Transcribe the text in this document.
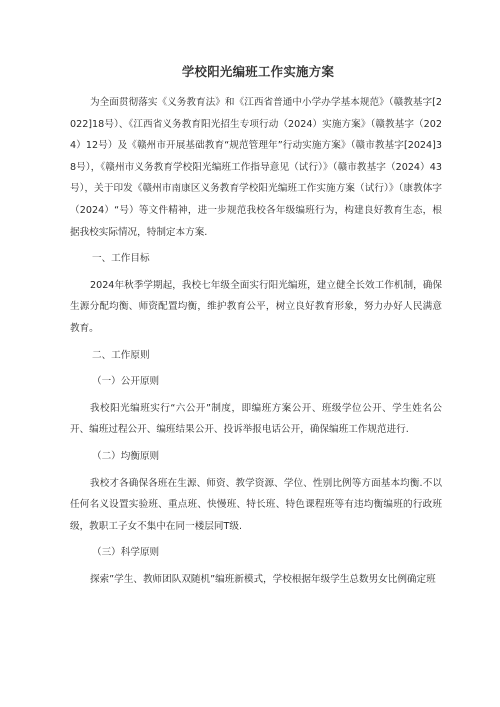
学校阳光编班工作实施方案

为全面贯彻落实《义务教育法》和《江西省普通中小学办学基本规范》（赣教基字[2022]18号）、《江西省义务教育阳光招生专项行动（2024）实施方案》（赣教基字（2024）12号）及《赣州市开展基础教育“规范管理年”行动实施方案》（赣市教基字[2024]38号），《赣州市义务教育学校阳光编班工作指导意见（试行）》（赣市教基字（2024）43号），关于印发《赣州市南康区义务教育学校阳光编班工作实施方案（试行）》（康教体字（2024）“号）等文件精神，进一步规范我校各年级编班行为，构建良好教育生态，根据我校实际情况，特制定本方案.

一、工作目标

2024年秋季学期起，我校七年级全面实行阳光编班，建立健全长效工作机制，确保生源分配均衡、师资配置均衡，维护教育公平，树立良好教育形象，努力办好人民满意教育。

二、工作原则
（一）公开原则

我校阳光编班实行“六公开”制度，即编班方案公开、班级学位公开、学生姓名公开、编班过程公开、编班结果公开、投诉举报电话公开，确保编班工作规范进行.

（二）均衡原则

我校才各确保各班在生源、师资、教学资源、学位、性别比例等方面基本均衡.不以任何名义设置实验班、重点班、快慢班、特长班、特色课程班等有违均衡编班的行政班级，教职工子女不集中在同一楼层同T级.

（三）科学原则

探索”学生、教师团队双随机”编班新模式，学校根据年级学生总数男女比例确定班
